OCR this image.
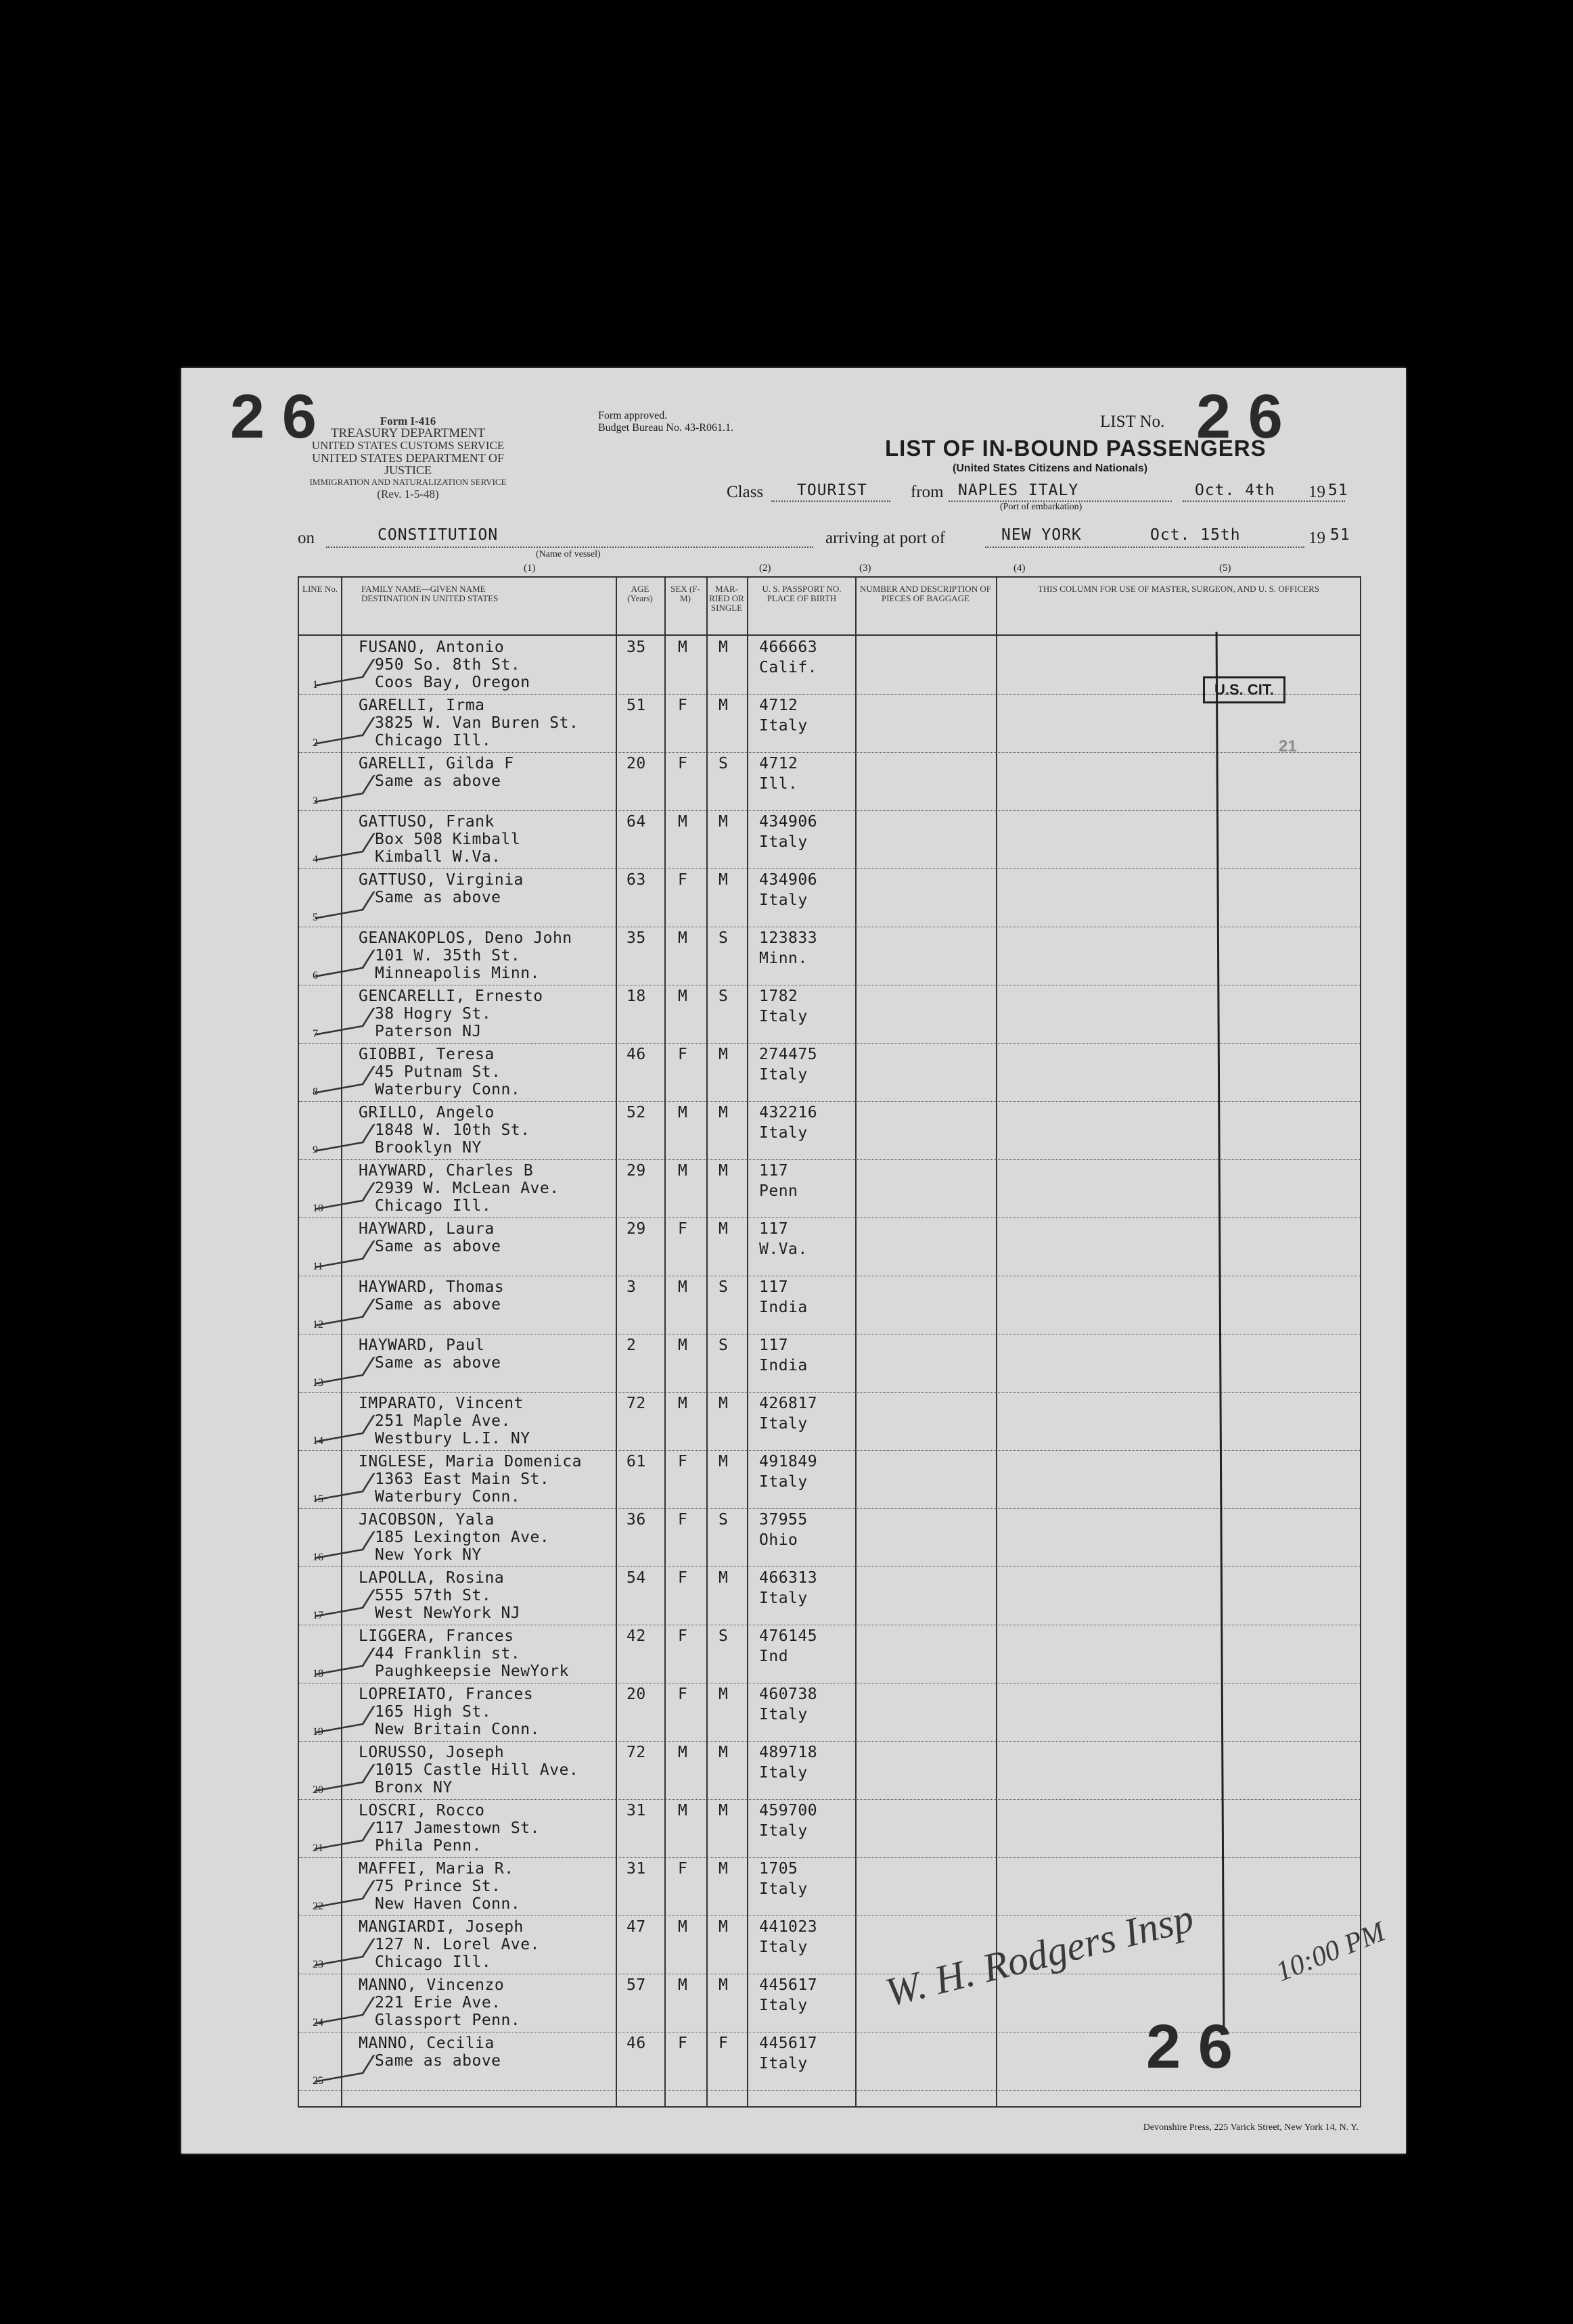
2 6	Form I-416
TREASURY DEPARTMENT
UNITED STATES CUSTOMS SERVICE
UNITED STATES DEPARTMENT OF JUSTICE
IMMIGRATION AND NATURALIZATION SERVICE
(Rev. 1-5-48)
Form approved.
Budget Bureau No. 43-R061.1.	LIST No. 2 6
LIST OF IN-BOUND PASSENGERS
(United States Citizens and Nationals)
Class TOURIST	from NAPLES ITALY
(Port of embarkation)
Oct. 4th 19 51
on	CONSTITUTION
(Name of vessel)
arriving at port of	NEW YORK	Oct. 15th	19 51
(1)	(2)	(3)	(4)	(5)
LINE No.	FAMILY NAME—GIVEN NAME DESTINATION IN UNITED STATES
AGE (Years)
SEX (F-M)
MAR-RIED OR SINGLE
U. S. PASSPORT NO. PLACE OF BIRTH
NUMBER AND DESCRIPTION OF PIECES OF BAGGAGE
THIS COLUMN FOR USE OF MASTER, SURGEON, AND U. S. OFFICERS
1
FUSANO, Antonio
950 So. 8th St.
Coos Bay, Oregon
35 M M 466663
Calif.
2
GARELLI, Irma
3825 W. Van Buren St.
Chicago Ill.
51 F M 4712
Italy
3
GARELLI, Gilda F
Same as above
20 F S 4712
Ill.
4
GATTUSO, Frank
Box 508 Kimball
Kimball W.Va.
64 M M 434906
Italy
5
GATTUSO, Virginia
Same as above
63 F M 434906
Italy
6
GEANAKOPLOS, Deno John
101 W. 35th St.
Minneapolis Minn.
35 M S 123833
Minn.
7
GENCARELLI, Ernesto
38 Hogry St.
Paterson NJ
18 M S 1782
Italy
8
GIOBBI, Teresa
45 Putnam St.
Waterbury Conn.
46 F M 274475
Italy
9
GRILLO, Angelo
1848 W. 10th St.
Brooklyn NY
52 M M 432216
Italy
10
HAYWARD, Charles B
2939 W. McLean Ave.
Chicago Ill.
29 M M 117
Penn
11
HAYWARD, Laura
Same as above
29 F M 117
W.Va.
12
HAYWARD, Thomas
Same as above
3	M S 117
India
13
HAYWARD, Paul
Same as above
2	M S 117
India
14
IMPARATO, Vincent
251 Maple Ave.
Westbury L.I. NY
72 M M 426817
Italy
15
INGLESE, Maria Domenica
1363 East Main St.
Waterbury Conn.
61 F M 491849
Italy
16
JACOBSON, Yala
185 Lexington Ave.
New York NY
36 F S 37955
Ohio
17
LAPOLLA, Rosina
555 57th St.
West NewYork NJ
54 F M 466313
Italy
18
LIGGERA, Frances
44 Franklin st.
Paughkeepsie NewYork
42 F S 476145
Ind
19
LOPREIATO, Frances
165 High St.
New Britain Conn.
20 F M 460738
Italy
20
LORUSSO, Joseph
1015 Castle Hill Ave.
Bronx NY
72 M M 489718
Italy
21
LOSCRI, Rocco
117 Jamestown St.
Phila Penn.
31 M M 459700
Italy
22
MAFFEI, Maria R.
75 Prince St.
New Haven Conn.
31 F M 1705
Italy
23
MANGIARDI, Joseph
127 N. Lorel Ave.
Chicago Ill.
47 M M 441023
Italy
24
MANNO, Vincenzo
221 Erie Ave.
Glassport Penn.
57 M M 445617
Italy
25
MANNO, Cecilia
Same as above
46 F F 445617
Italy
U.S. CIT.
21
W. H. Rodgers Insp	10:00 PM
2 6
Devonshire Press, 225 Varick Street, New York 14, N. Y.
